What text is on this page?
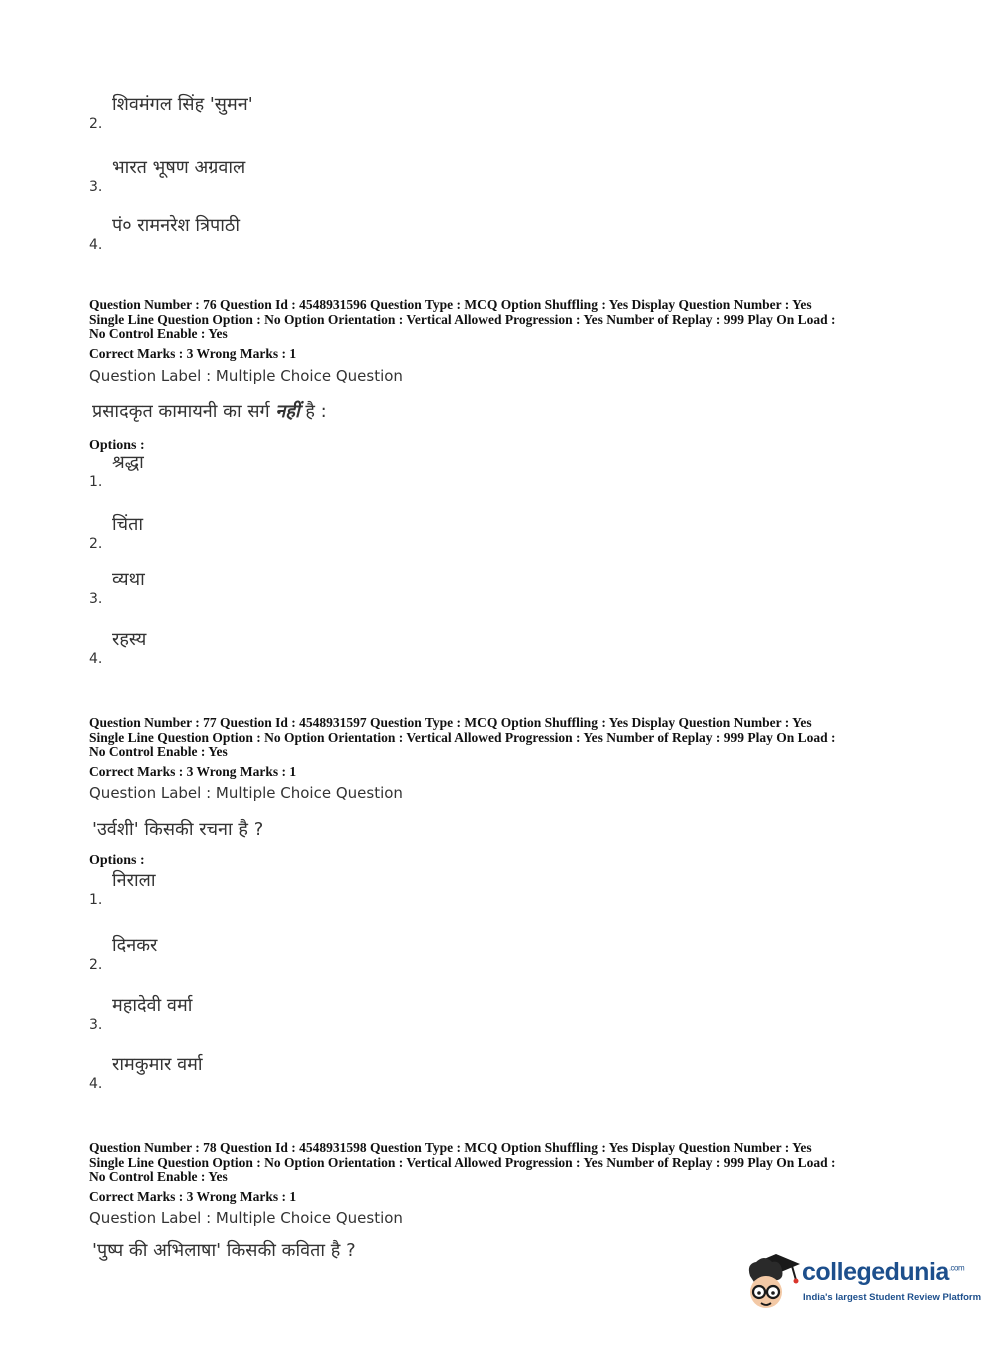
2.
शिवमंगल सिंह 'सुमन'
3.
भारत भूषण अग्रवाल
4.
पं० रामनरेश त्रिपाठी
Question Number : 76 Question Id : 4548931596 Question Type : MCQ Option Shuffling : Yes Display Question Number : Yes
Single Line Question Option : No Option Orientation : Vertical Allowed Progression : Yes Number of Replay : 999 Play On Load :
No Control Enable : Yes
Correct Marks : 3 Wrong Marks : 1
Question Label : Multiple Choice Question
प्रसादकृत कामायनी का सर्ग नहीं है :
Options :
1.
श्रद्धा
2.
चिंता
3.
व्यथा
4.
रहस्य
Question Number : 77 Question Id : 4548931597 Question Type : MCQ Option Shuffling : Yes Display Question Number : Yes
Single Line Question Option : No Option Orientation : Vertical Allowed Progression : Yes Number of Replay : 999 Play On Load :
No Control Enable : Yes
Correct Marks : 3 Wrong Marks : 1
Question Label : Multiple Choice Question
'उर्वशी' किसकी रचना है ?
Options :
1.
निराला
2.
दिनकर
3.
महादेवी वर्मा
4.
रामकुमार वर्मा
Question Number : 78 Question Id : 4548931598 Question Type : MCQ Option Shuffling : Yes Display Question Number : Yes
Single Line Question Option : No Option Orientation : Vertical Allowed Progression : Yes Number of Replay : 999 Play On Load :
No Control Enable : Yes
Correct Marks : 3 Wrong Marks : 1
Question Label : Multiple Choice Question
'पुष्प की अभिलाषा' किसकी कविता है ?
collegedunia$^{.com}$
India's largest Student Review Platform
